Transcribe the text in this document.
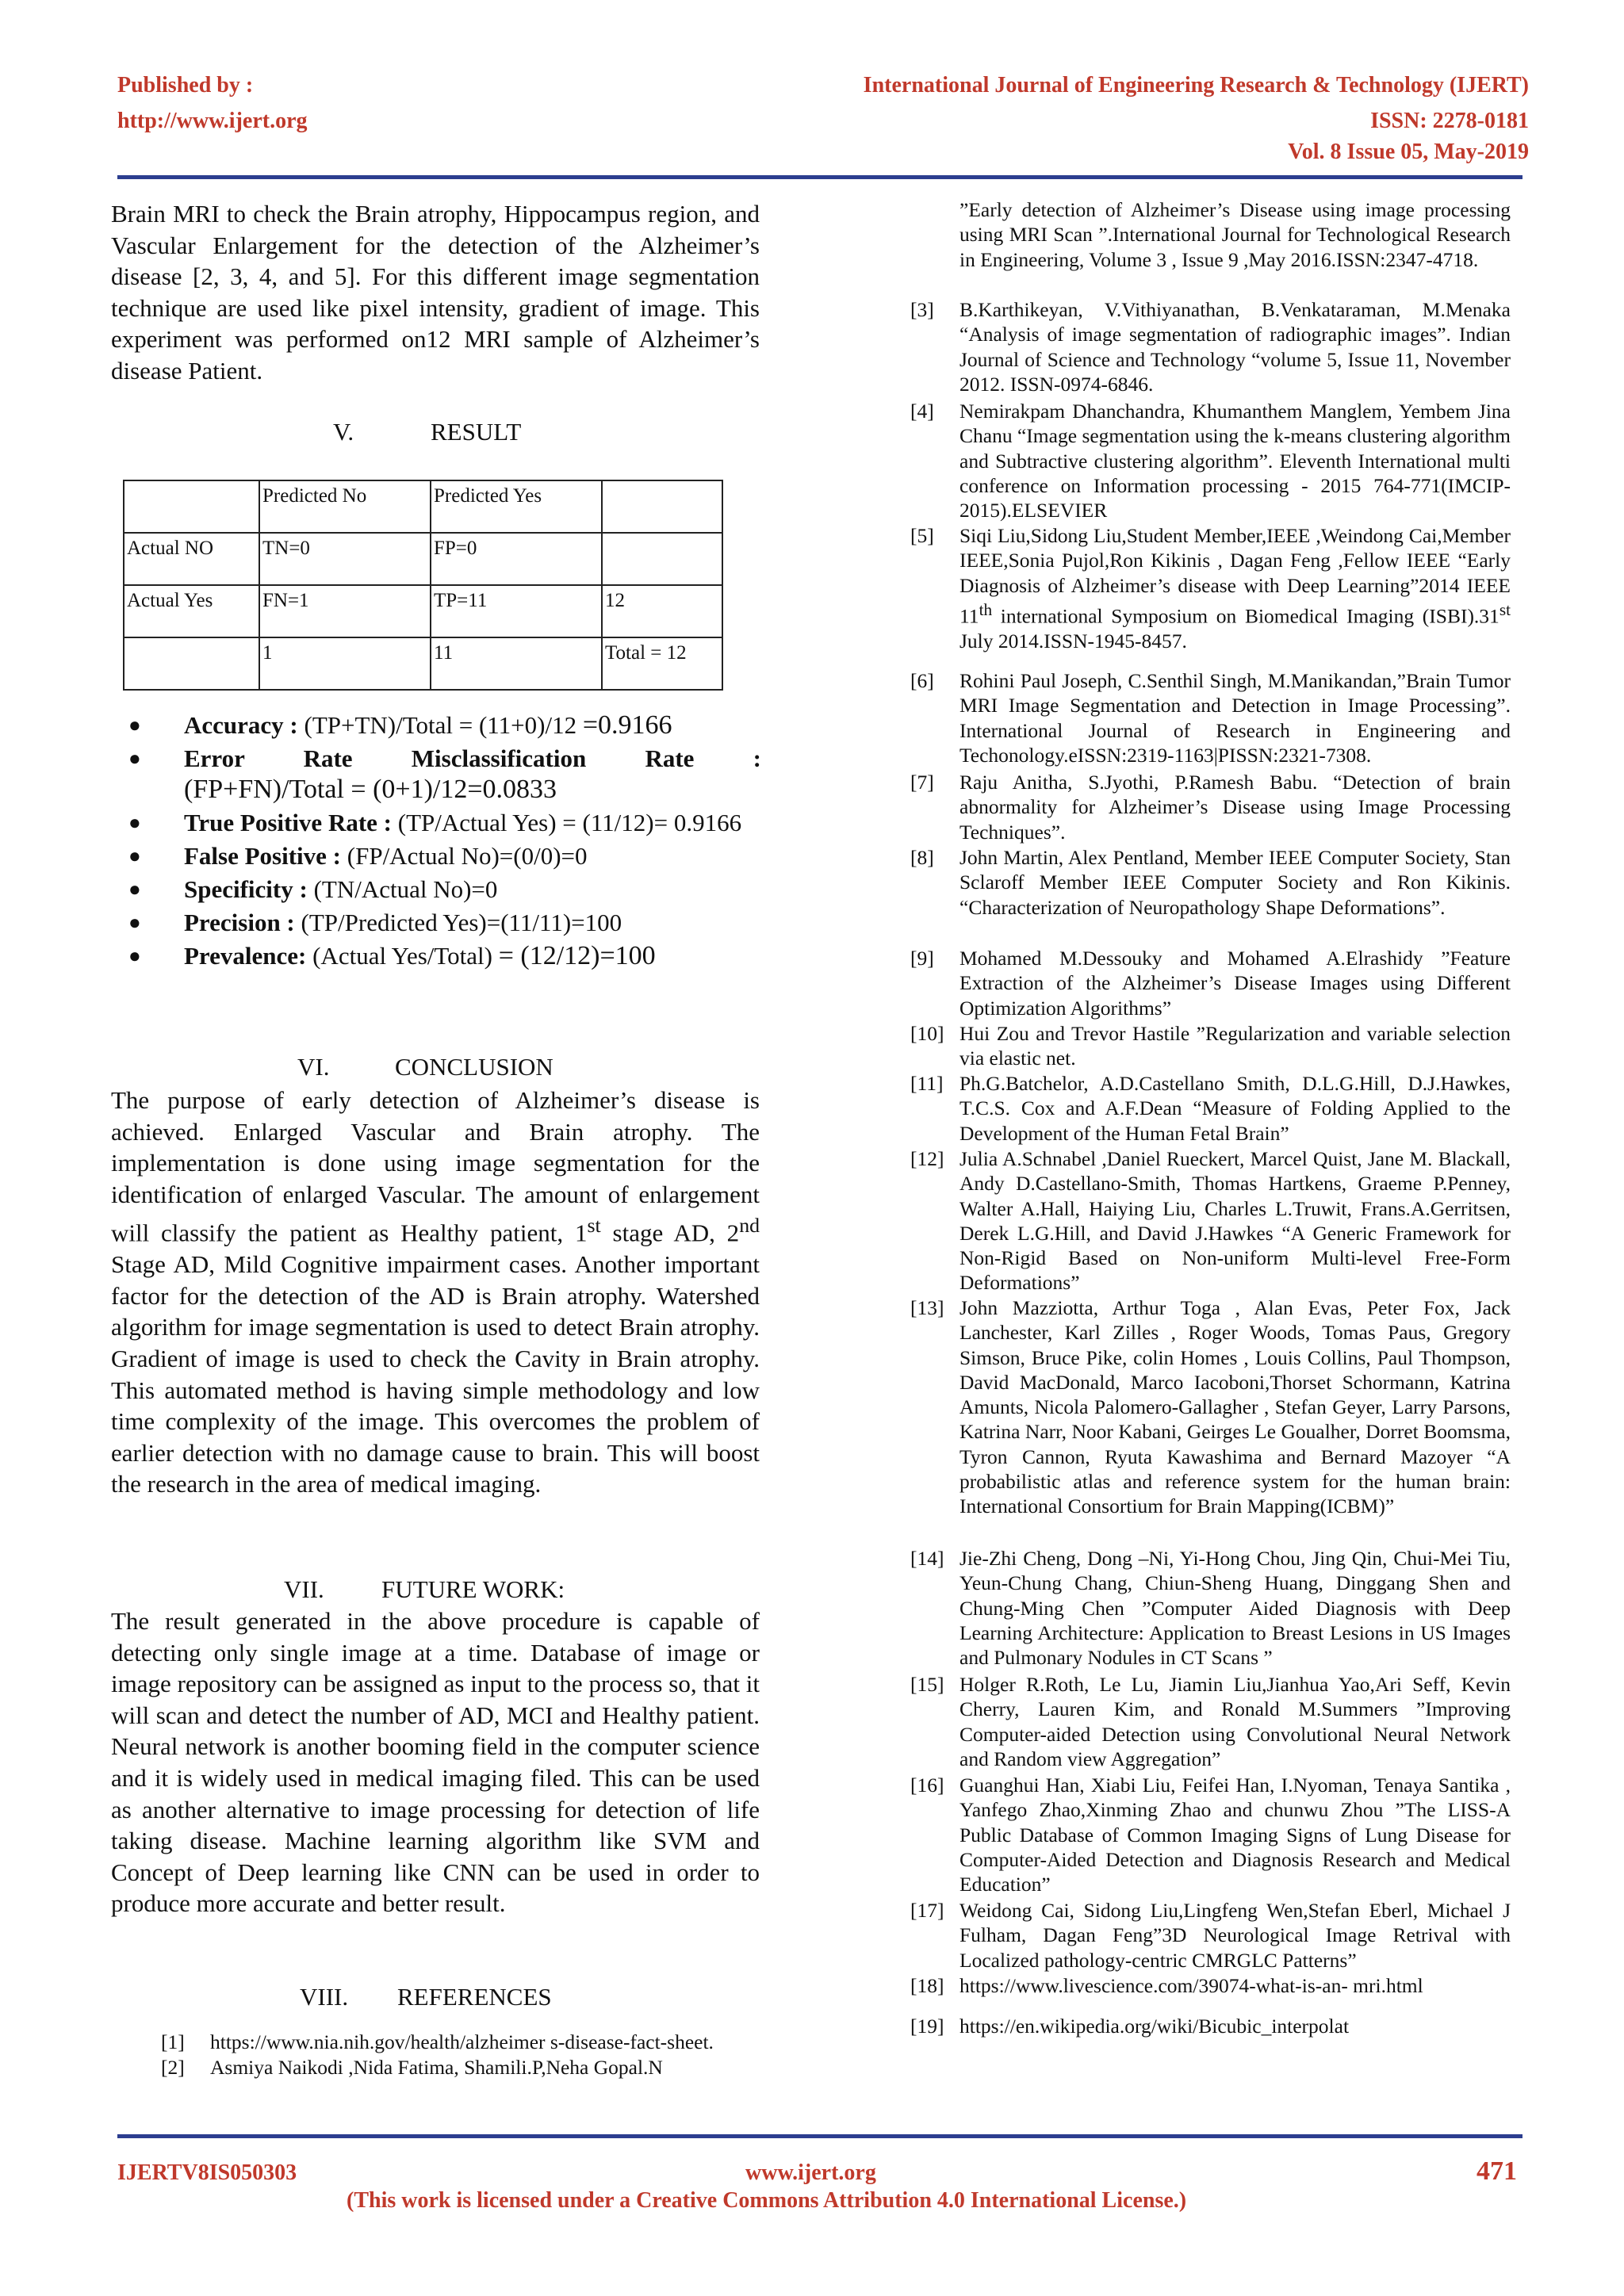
Published by :
http://www.ijert.org
International Journal of Engineering Research & Technology (IJERT)
ISSN: 2278-0181
Vol. 8 Issue 05, May-2019
Brain MRI to check the Brain atrophy, Hippocampus region, and Vascular Enlargement for the detection of the Alzheimer’s disease [2, 3, 4, and 5]. For this different image segmentation technique are used like pixel intensity, gradient of image. This experiment was performed on12 MRI sample of Alzheimer’s disease Patient.
V.	RESULT
	Predicted No	Predicted Yes	
Actual NO	TN=0	FP=0	
Actual Yes	FN=1	TP=11	12
	1	11	Total = 12
● Accuracy : (TP+TN)/Total = (11+0)/12 =0.9166
● Error Rate Misclassification Rate :
(FP+FN)/Total = (0+1)/12=0.0833
● True Positive Rate : (TP/Actual Yes) = (11/12)= 0.9166
● False Positive : (FP/Actual No)=(0/0)=0
● Specificity : (TN/Actual No)=0
● Precision : (TP/Predicted Yes)=(11/11)=100
● Prevalence: (Actual Yes/Total) = (12/12)=100
VI.	CONCLUSION
The purpose of early detection of Alzheimer’s disease is achieved. Enlarged Vascular and Brain atrophy. The implementation is done using image segmentation for the identification of enlarged Vascular. The amount of enlargement will classify the patient as Healthy patient, 1st stage AD, 2nd Stage AD, Mild Cognitive impairment cases. Another important factor for the detection of the AD is Brain atrophy. Watershed algorithm for image segmentation is used to detect Brain atrophy. Gradient of image is used to check the Cavity in Brain atrophy. This automated method is having simple methodology and low time complexity of the image. This overcomes the problem of earlier detection with no damage cause to brain. This will boost the research in the area of medical imaging.
VII. FUTURE WORK:
The result generated in the above procedure is capable of detecting only single image at a time. Database of image or image repository can be assigned as input to the process so, that it will scan and detect the number of AD, MCI and Healthy patient. Neural network is another booming field in the computer science and it is widely used in medical imaging filed. This can be used as another alternative to image processing for detection of life taking disease. Machine learning algorithm like SVM and Concept of Deep learning like CNN can be used in order to produce more accurate and better result.
VIII. REFERENCES
[1] https://www.nia.nih.gov/health/alzheimer s-disease-fact-sheet.
[2] Asmiya Naikodi ,Nida Fatima, Shamili.P,Neha Gopal.N
”Early detection of Alzheimer’s Disease using image processing using MRI Scan ”.International Journal for Technological Research in Engineering, Volume 3 , Issue 9 ,May 2016.ISSN:2347-4718.
[3] B.Karthikeyan, V.Vithiyanathan, B.Venkataraman, M.Menaka “Analysis of image segmentation of radiographic images”. Indian Journal of Science and Technology “volume 5, Issue 11, November 2012. ISSN-0974-6846.
[4] Nemirakpam Dhanchandra, Khumanthem Manglem, Yembem Jina Chanu “Image segmentation using the k-means clustering algorithm and Subtractive clustering algorithm”. Eleventh International multi conference on Information processing - 2015 764-771(IMCIP-2015).ELSEVIER
[5] Siqi Liu,Sidong Liu,Student Member,IEEE ,Weindong Cai,Member IEEE,Sonia Pujol,Ron Kikinis , Dagan Feng ,Fellow IEEE “Early Diagnosis of Alzheimer’s disease with Deep Learning”2014 IEEE 11th international Symposium on Biomedical Imaging (ISBI).31st July 2014.ISSN-1945-8457.
[6] Rohini Paul Joseph, C.Senthil Singh, M.Manikandan,”Brain Tumor MRI Image Segmentation and Detection in Image Processing”. International Journal of Research in Engineering and Techonology.eISSN:2319-1163|PISSN:2321-7308.
[7] Raju Anitha, S.Jyothi, P.Ramesh Babu. “Detection of brain abnormality for Alzheimer’s Disease using Image Processing Techniques”.
[8] John Martin, Alex Pentland, Member IEEE Computer Society, Stan Sclaroff Member IEEE Computer Society and Ron Kikinis. “Characterization of Neuropathology Shape Deformations”.
[9] Mohamed M.Dessouky and Mohamed A.Elrashidy ”Feature Extraction of the Alzheimer’s Disease Images using Different Optimization Algorithms”
[10] Hui Zou and Trevor Hastile ”Regularization and variable selection via elastic net.
[11] Ph.G.Batchelor, A.D.Castellano Smith, D.L.G.Hill, D.J.Hawkes, T.C.S. Cox and A.F.Dean “Measure of Folding Applied to the Development of the Human Fetal Brain”
[12] Julia A.Schnabel ,Daniel Rueckert, Marcel Quist, Jane M. Blackall, Andy D.Castellano-Smith, Thomas Hartkens, Graeme P.Penney, Walter A.Hall, Haiying Liu, Charles L.Truwit, Frans.A.Gerritsen, Derek L.G.Hill, and David J.Hawkes “A Generic Framework for Non-Rigid Based on Non-uniform Multi-level Free-Form Deformations”
[13] John Mazziotta, Arthur Toga , Alan Evas, Peter Fox, Jack Lanchester, Karl Zilles , Roger Woods, Tomas Paus, Gregory Simson, Bruce Pike, colin Homes , Louis Collins, Paul Thompson, David MacDonald, Marco Iacoboni,Thorset Schormann, Katrina Amunts, Nicola Palomero-Gallagher , Stefan Geyer, Larry Parsons, Katrina Narr, Noor Kabani, Geirges Le Goualher, Dorret Boomsma, Tyron Cannon, Ryuta Kawashima and Bernard Mazoyer “A probabilistic atlas and reference system for the human brain: International Consortium for Brain Mapping(ICBM)”
[14] Jie-Zhi Cheng, Dong –Ni, Yi-Hong Chou, Jing Qin, Chui-Mei Tiu, Yeun-Chung Chang, Chiun-Sheng Huang, Dinggang Shen and Chung-Ming Chen ”Computer Aided Diagnosis with Deep Learning Architecture: Application to Breast Lesions in US Images and Pulmonary Nodules in CT Scans ”
[15] Holger R.Roth, Le Lu, Jiamin Liu,Jianhua Yao,Ari Seff, Kevin Cherry, Lauren Kim, and Ronald M.Summers ”Improving Computer-aided Detection using Convolutional Neural Network and Random view Aggregation”
[16] Guanghui Han, Xiabi Liu, Feifei Han, I.Nyoman, Tenaya Santika , Yanfego Zhao,Xinming Zhao and chunwu Zhou ”The LISS-A Public Database of Common Imaging Signs of Lung Disease for Computer-Aided Detection and Diagnosis Research and Medical Education”
[17] Weidong Cai, Sidong Liu,Lingfeng Wen,Stefan Eberl, Michael J Fulham, Dagan Feng”3D Neurological Image Retrival with Localized pathology-centric CMRGLC Patterns”
[18] https://www.livescience.com/39074-what-is-an- mri.html
[19] https://en.wikipedia.org/wiki/Bicubic_interpolat
IJERTV8IS050303	www.ijert.org	471
(This work is licensed under a Creative Commons Attribution 4.0 International License.)
